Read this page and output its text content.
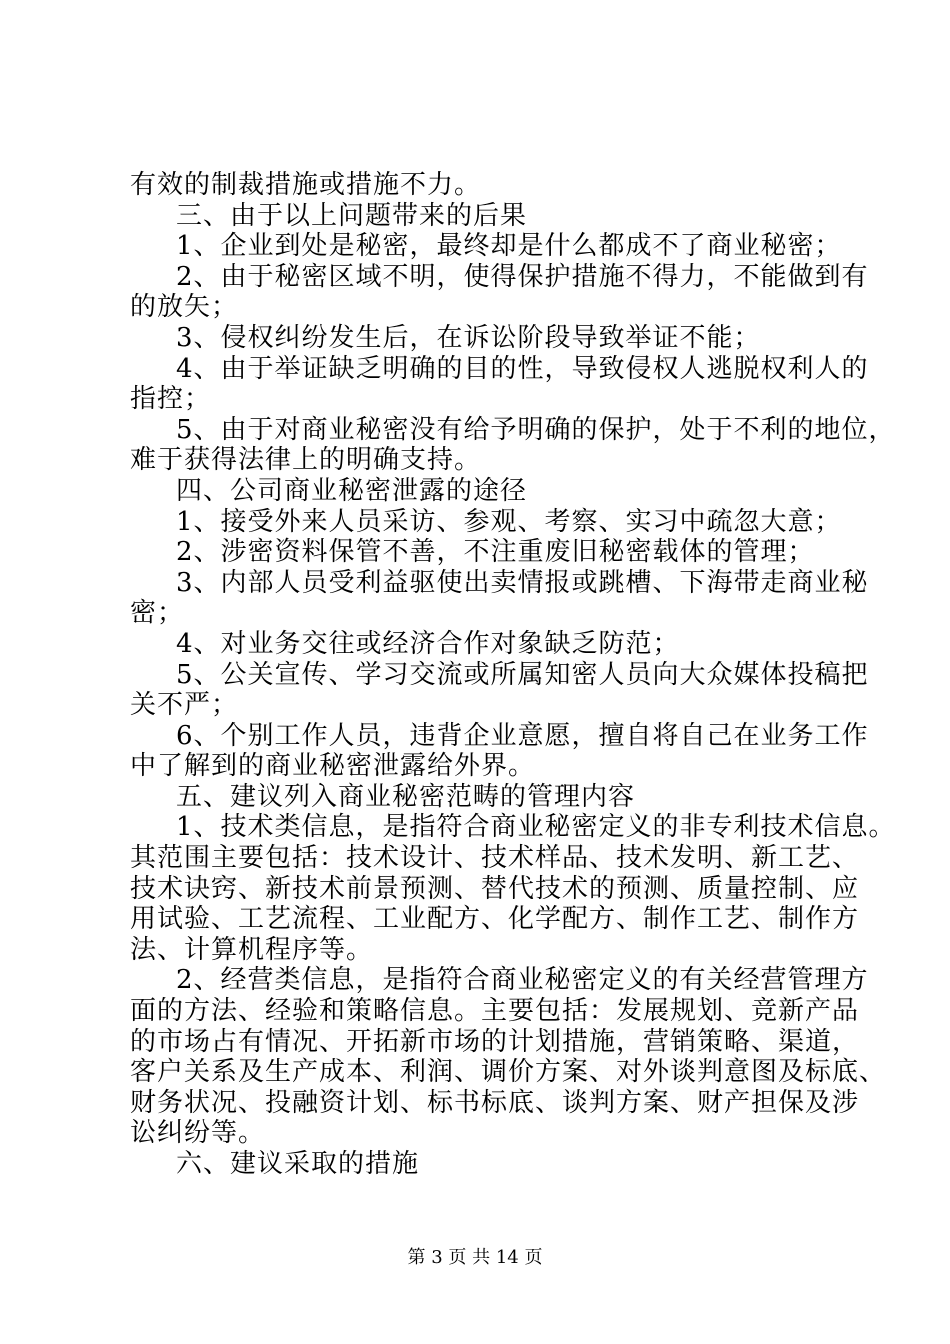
有效的制裁措施或措施不力。
三、由于以上问题带来的后果
1、企业到处是秘密，最终却是什么都成不了商业秘密；
2、由于秘密区域不明，使得保护措施不得力，不能做到有
的放矢；
3、侵权纠纷发生后，在诉讼阶段导致举证不能；
4、由于举证缺乏明确的目的性，导致侵权人逃脱权利人的
指控；
5、由于对商业秘密没有给予明确的保护，处于不利的地位，
难于获得法律上的明确支持。
四、公司商业秘密泄露的途径
1、接受外来人员采访、参观、考察、实习中疏忽大意；
2、涉密资料保管不善，不注重废旧秘密载体的管理；
3、内部人员受利益驱使出卖情报或跳槽、下海带走商业秘
密；
4、对业务交往或经济合作对象缺乏防范；
5、公关宣传、学习交流或所属知密人员向大众媒体投稿把
关不严；
6、个别工作人员，违背企业意愿，擅自将自己在业务工作
中了解到的商业秘密泄露给外界。
五、建议列入商业秘密范畴的管理内容
1、技术类信息，是指符合商业秘密定义的非专利技术信息。
其范围主要包括：技术设计、技术样品、技术发明、新工艺、
技术诀窍、新技术前景预测、替代技术的预测、质量控制、应
用试验、工艺流程、工业配方、化学配方、制作工艺、制作方
法、计算机程序等。
2、经营类信息，是指符合商业秘密定义的有关经营管理方
面的方法、经验和策略信息。主要包括：发展规划、竞新产品
的市场占有情况、开拓新市场的计划措施，营销策略、渠道，
客户关系及生产成本、利润、调价方案、对外谈判意图及标底、
财务状况、投融资计划、标书标底、谈判方案、财产担保及涉
讼纠纷等。
六、建议采取的措施
第 3 页 共 14 页
